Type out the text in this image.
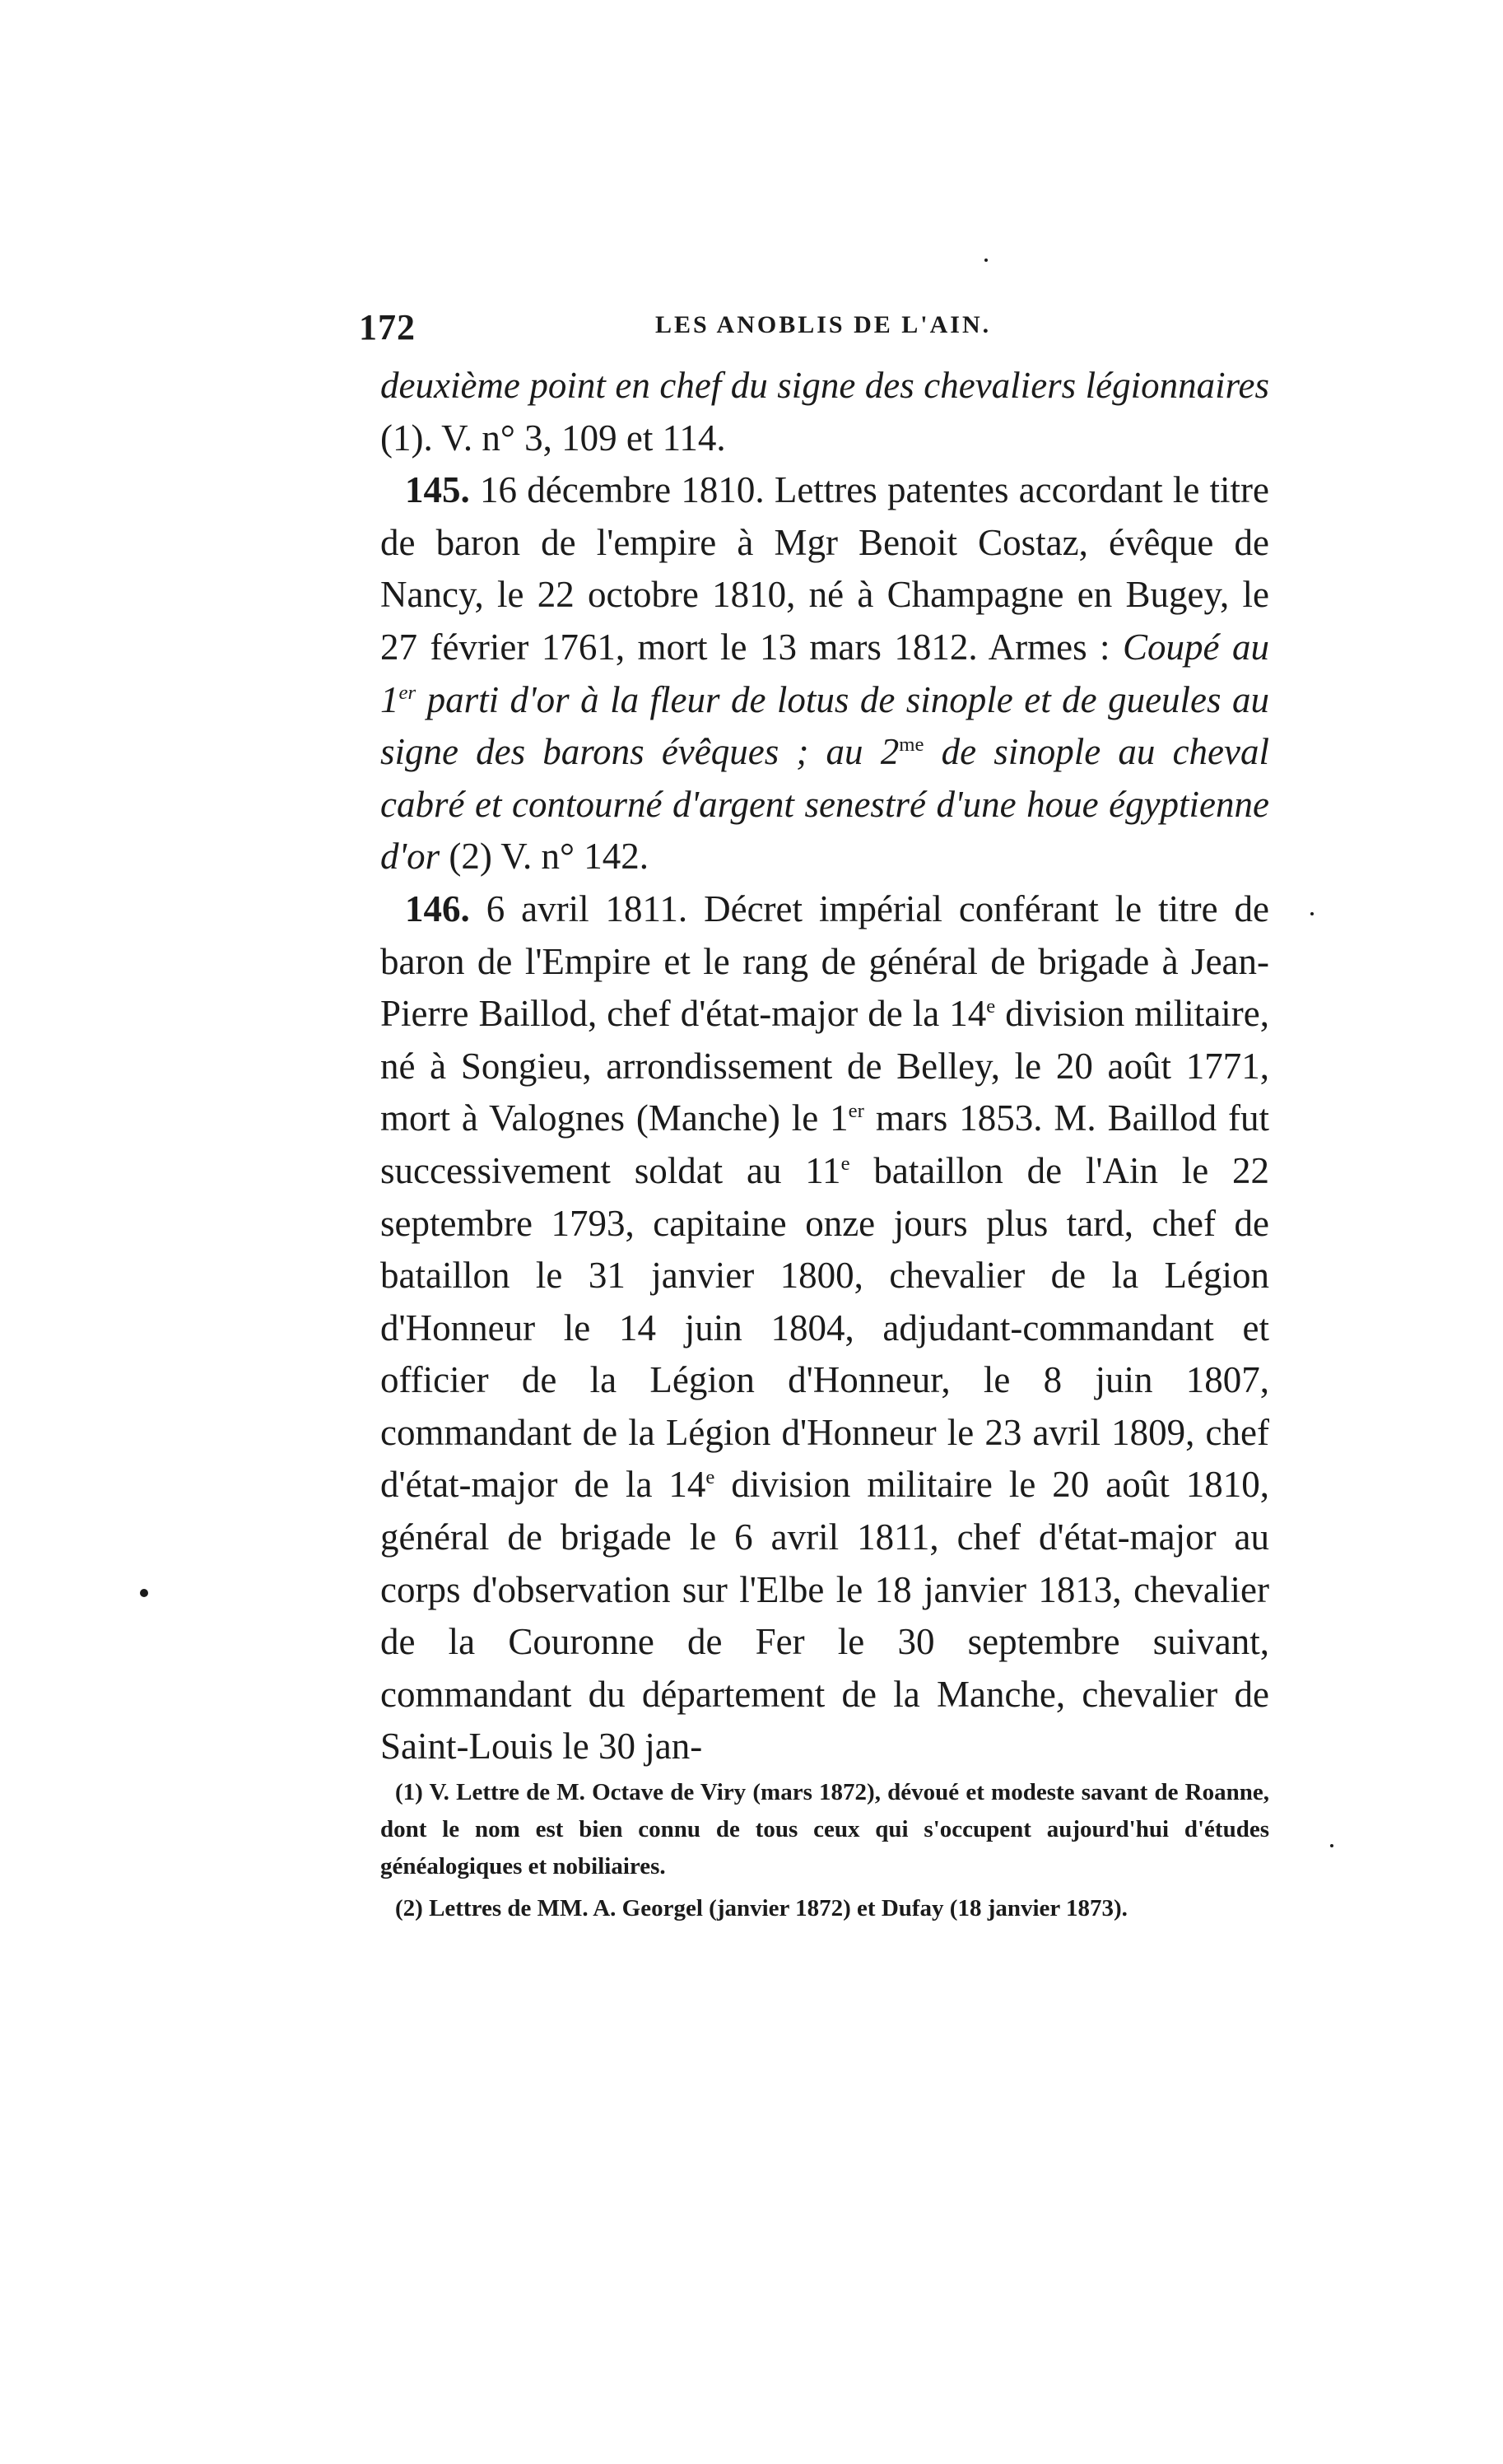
172	LES ANOBLIS DE L'AIN.

deuxième point en chef du signe des chevaliers légionnaires (1). V. n° 3, 109 et 114.

145. 16 décembre 1810. Lettres patentes accordant le titre de baron de l'empire à Mgr Benoit Costaz, évêque de Nancy, le 22 octobre 1810, né à Champagne en Bugey, le 27 février 1761, mort le 13 mars 1812. Armes : Coupé au 1er parti d'or à la fleur de lotus de sinople et de gueules au signe des barons évêques ; au $2^{me}$ de sinople au cheval cabré et contourné d'argent senestré d'une houe égyptienne d'or (2) V. n° 142.

146. 6 avril 1811. Décret impérial conférant le titre de baron de l'Empire et le rang de général de brigade à Jean-Pierre Baillod, chef d'état-major de la 14e division militaire, né à Songieu, arrondissement de Belley, le 20 août 1771, mort à Valognes (Manche) le 1er mars 1853. M. Baillod fut successivement soldat au 11e bataillon de l'Ain le 22 septembre 1793, capitaine onze jours plus tard, chef de bataillon le 31 janvier 1800, chevalier de la Légion d'Honneur le 14 juin 1804, adjudant-commandant et officier de la Légion d'Honneur, le 8 juin 1807, commandant de la Légion d'Honneur le 23 avril 1809, chef d'état-major de la 14e division militaire le 20 août 1810, général de brigade le 6 avril 1811, chef d'état-major au corps d'observation sur l'Elbe le 18 janvier 1813, chevalier de la Couronne de Fer le 30 septembre suivant, commandant du département de la Manche, chevalier de Saint-Louis le 30 jan-

(1) V. Lettre de M. Octave de Viry (mars 1872), dévoué et modeste savant de Roanne, dont le nom est bien connu de tous ceux qui s'occupent aujourd'hui d'études généalogiques et nobiliaires.

(2) Lettres de MM. A. Georgel (janvier 1872) et Dufay (18 janvier 1873).
